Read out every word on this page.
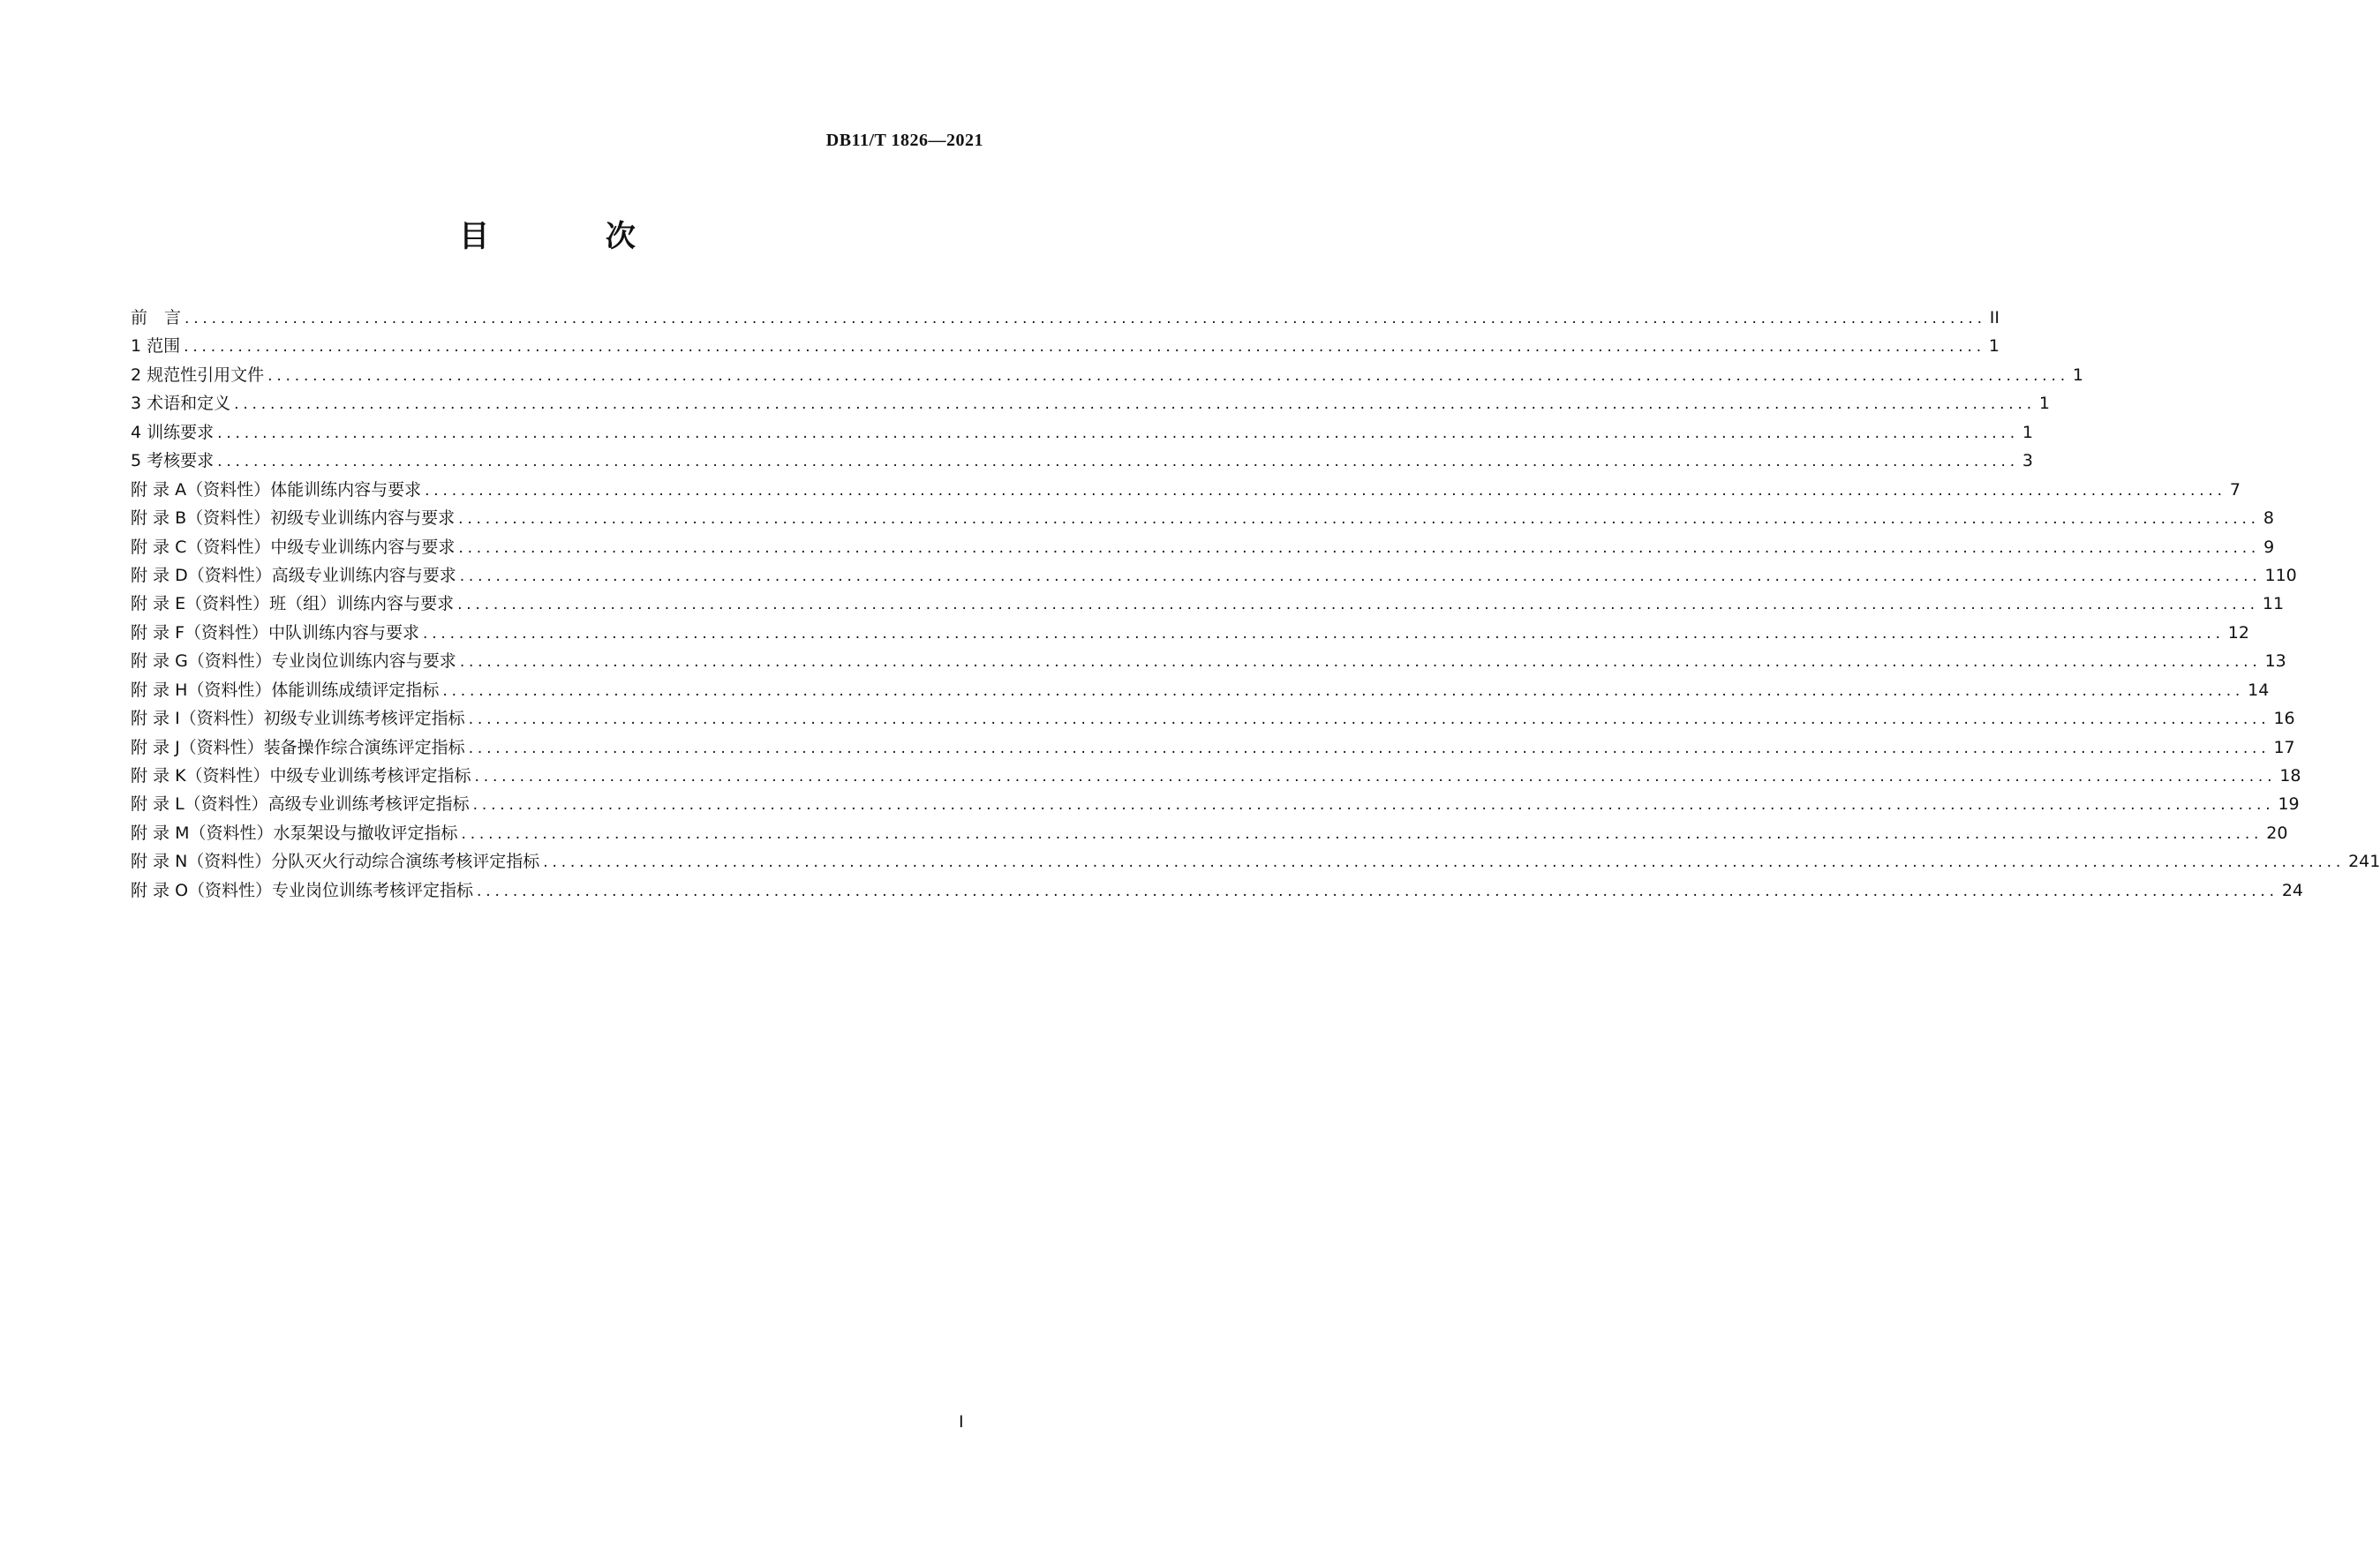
DB11/T 1826—2021
目 次
前　言 ........................................................................................................................................................................................................ II
1 范围 ........................................................................................................................................................................................................ 1
2 规范性引用文件 ........................................................................................................................................................................................................ 1
3 术语和定义 ........................................................................................................................................................................................................ 1
4 训练要求 ........................................................................................................................................................................................................ 1
5 考核要求 ........................................................................................................................................................................................................ 3
附 录 A（资料性）体能训练内容与要求 ........................................................................................................................................................................................................ 7
附 录 B（资料性）初级专业训练内容与要求 ........................................................................................................................................................................................................ 8
附 录 C（资料性）中级专业训练内容与要求 ........................................................................................................................................................................................................ 9
附 录 D（资料性）高级专业训练内容与要求 ........................................................................................................................................................................................................ 110
附 录 E（资料性）班（组）训练内容与要求 ........................................................................................................................................................................................................ 11
附 录 F（资料性）中队训练内容与要求 ........................................................................................................................................................................................................ 12
附 录 G（资料性）专业岗位训练内容与要求 ........................................................................................................................................................................................................ 13
附 录 H（资料性）体能训练成绩评定指标 ........................................................................................................................................................................................................ 14
附 录 I（资料性）初级专业训练考核评定指标 ........................................................................................................................................................................................................ 16
附 录 J（资料性）装备操作综合演练评定指标 ........................................................................................................................................................................................................ 17
附 录 K（资料性）中级专业训练考核评定指标 ........................................................................................................................................................................................................ 18
附 录 L（资料性）高级专业训练考核评定指标 ........................................................................................................................................................................................................ 19
附 录 M（资料性）水泵架设与撤收评定指标 ........................................................................................................................................................................................................ 20
附 录 N（资料性）分队灭火行动综合演练考核评定指标 ........................................................................................................................................................................................................ 241
附 录 O（资料性）专业岗位训练考核评定指标 ........................................................................................................................................................................................................ 24
I
